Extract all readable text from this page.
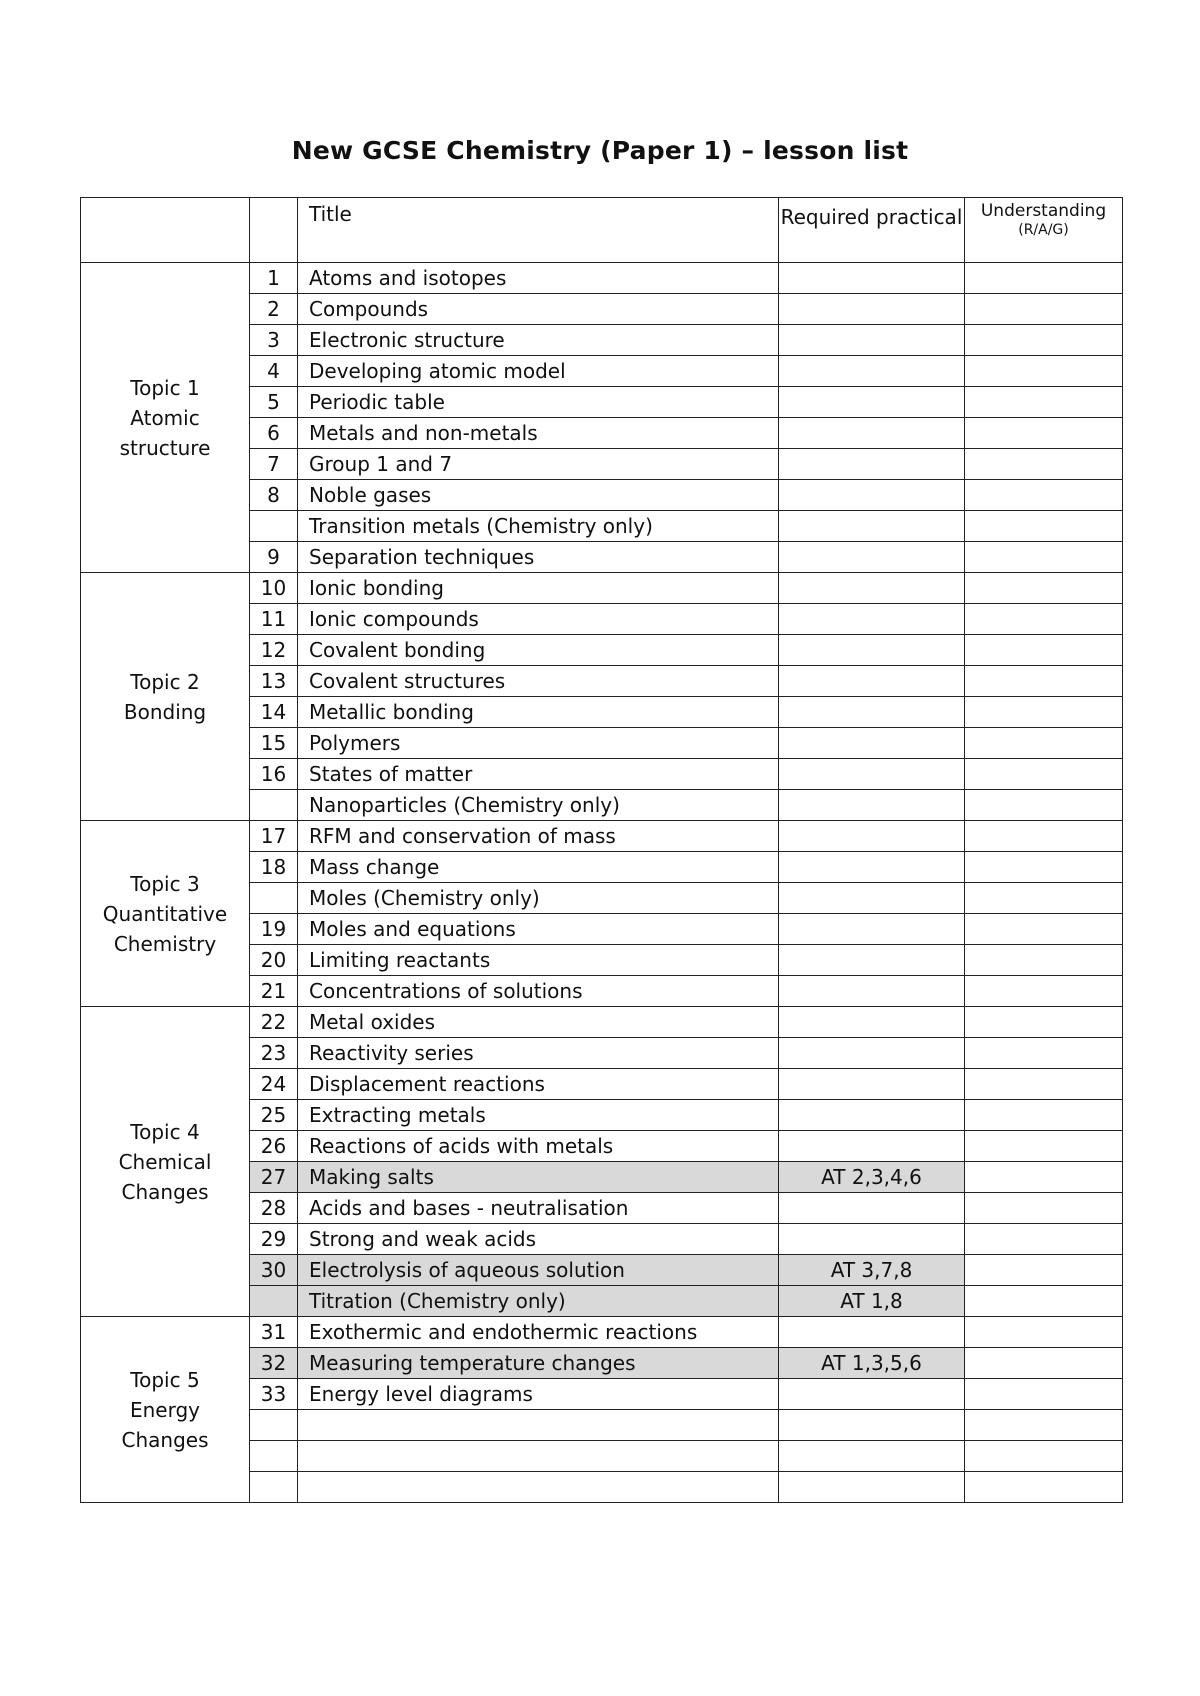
New GCSE Chemistry (Paper 1) – lesson list
		Title	Required practical	Understanding
(R/A/G)

Topic 1
Atomic
structure	1	Atoms and isotopes		
	2	Compounds		
	3	Electronic structure		
	4	Developing atomic model		
	5	Periodic table		
	6	Metals and non-metals		
	7	Group 1 and 7		
	8	Noble gases		
		Transition metals (Chemistry only)		
	9	Separation techniques		

Topic 2
Bonding	10	Ionic bonding		
	11	Ionic compounds		
	12	Covalent bonding		
	13	Covalent structures		
	14	Metallic bonding		
	15	Polymers		
	16	States of matter		
		Nanoparticles (Chemistry only)		

Topic 3
Quantitative
Chemistry	17	RFM and conservation of mass		
	18	Mass change		
		Moles (Chemistry only)		
	19	Moles and equations		
	20	Limiting reactants		
	21	Concentrations of solutions		

Topic 4
Chemical
Changes	22	Metal oxides		
	23	Reactivity series		
	24	Displacement reactions		
	25	Extracting metals		
	26	Reactions of acids with metals		
	27	Making salts	AT 2,3,4,6	
	28	Acids and bases - neutralisation		
	29	Strong and weak acids		
	30	Electrolysis of aqueous solution	AT 3,7,8	
		Titration (Chemistry only)	AT 1,8	

Topic 5
Energy
Changes	31	Exothermic and endothermic reactions		
	32	Measuring temperature changes	AT 1,3,5,6	
	33	Energy level diagrams		
